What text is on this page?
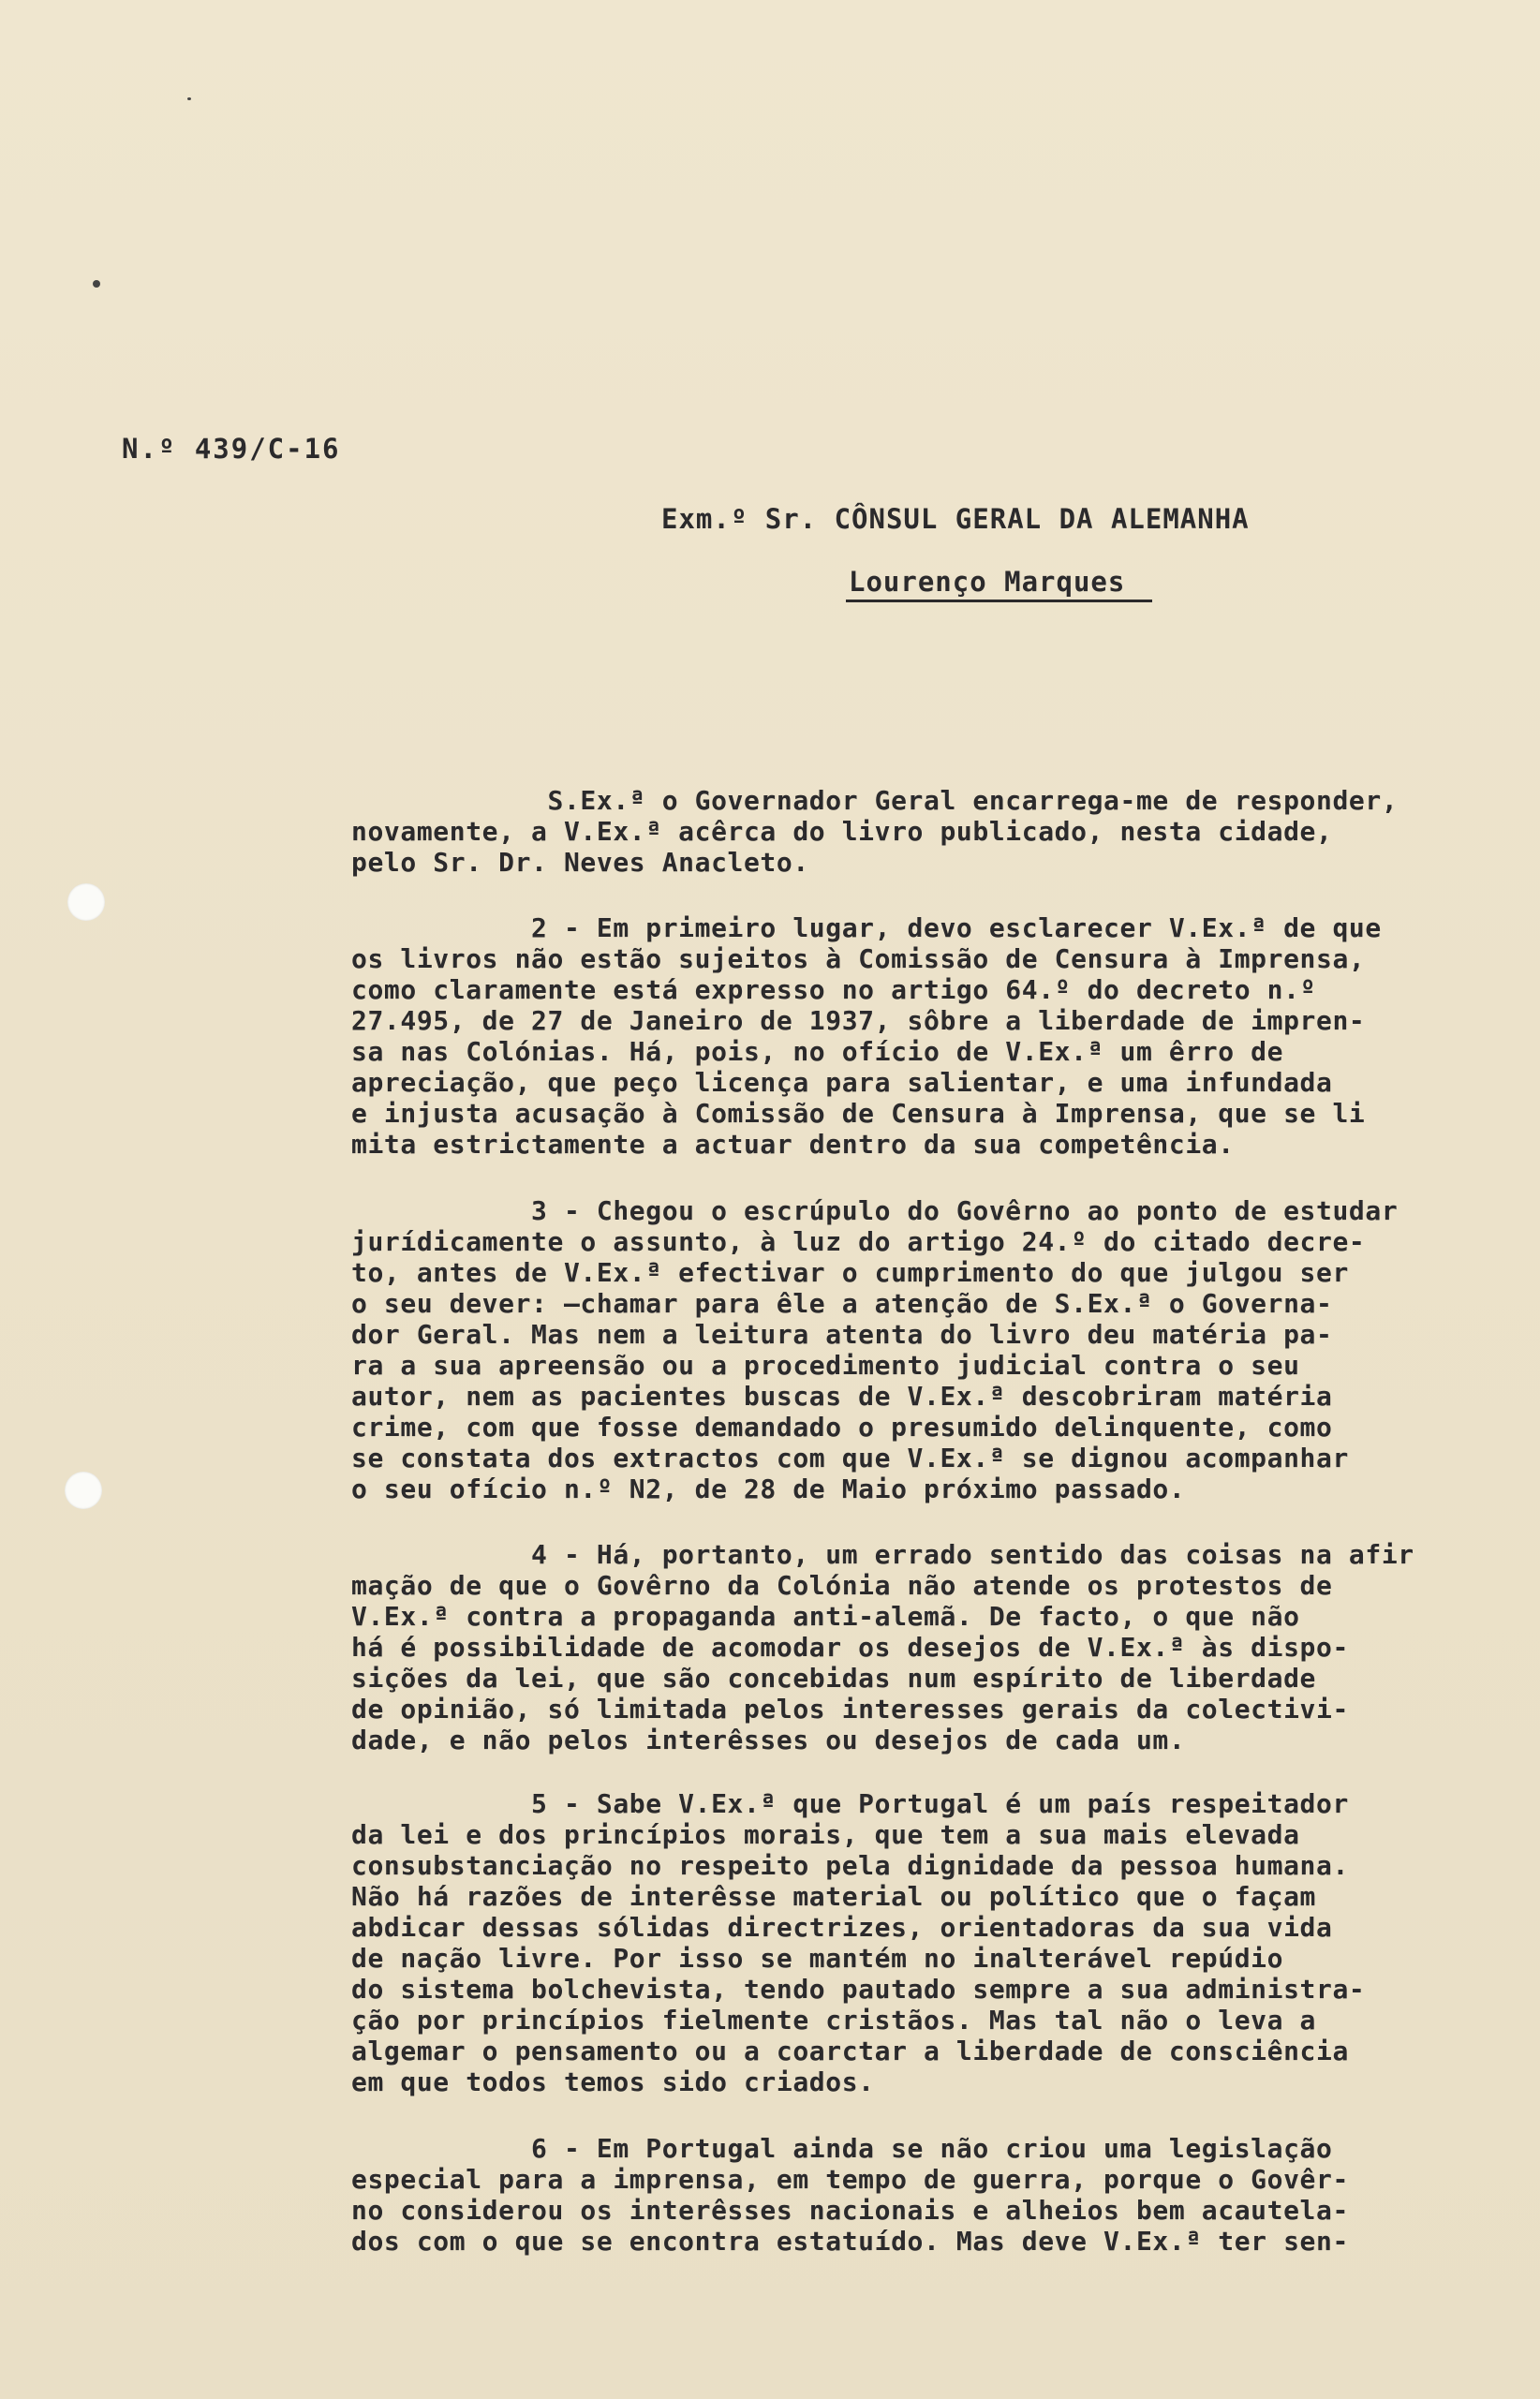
N.º 439/C-16
Exm.º Sr. CÔNSUL GERAL DA ALEMANHA
Lourenço Marques
S.Ex.ª o Governador Geral encarrega-me de responder,
novamente, a V.Ex.ª acêrca do livro publicado, nesta cidade,
pelo Sr. Dr. Neves Anacleto.
2 - Em primeiro lugar, devo esclarecer V.Ex.ª de que
os livros não estão sujeitos à Comissão de Censura à Imprensa,
como claramente está expresso no artigo 64.º do decreto n.º
27.495, de 27 de Janeiro de 1937, sôbre a liberdade de impren-
sa nas Colónias. Há, pois, no ofício de V.Ex.ª um êrro de
apreciação, que peço licença para salientar, e uma infundada
e injusta acusação à Comissão de Censura à Imprensa, que se li
mita estrictamente a actuar dentro da sua competência.
3 - Chegou o escrúpulo do Govêrno ao ponto de estudar
jurídicamente o assunto, à luz do artigo 24.º do citado decre-
to, antes de V.Ex.ª efectivar o cumprimento do que julgou ser
o seu dever: —chamar para êle a atenção de S.Ex.ª o Governa-
dor Geral. Mas nem a leitura atenta do livro deu matéria pa-
ra a sua apreensão ou a procedimento judicial contra o seu
autor, nem as pacientes buscas de V.Ex.ª descobriram matéria
crime, com que fosse demandado o presumido delinquente, como
se constata dos extractos com que V.Ex.ª se dignou acompanhar
o seu ofício n.º N2, de 28 de Maio próximo passado.
4 - Há, portanto, um errado sentido das coisas na afir
mação de que o Govêrno da Colónia não atende os protestos de
V.Ex.ª contra a propaganda anti-alemã. De facto, o que não
há é possibilidade de acomodar os desejos de V.Ex.ª às dispo-
sições da lei, que são concebidas num espírito de liberdade
de opinião, só limitada pelos interesses gerais da colectivi-
dade, e não pelos interêsses ou desejos de cada um.
5 - Sabe V.Ex.ª que Portugal é um país respeitador
da lei e dos princípios morais, que tem a sua mais elevada
consubstanciação no respeito pela dignidade da pessoa humana.
Não há razões de interêsse material ou político que o façam
abdicar dessas sólidas directrizes, orientadoras da sua vida
de nação livre. Por isso se mantém no inalterável repúdio
do sistema bolchevista, tendo pautado sempre a sua administra-
ção por princípios fielmente cristãos. Mas tal não o leva a
algemar o pensamento ou a coarctar a liberdade de consciência
em que todos temos sido criados.
6 - Em Portugal ainda se não criou uma legislação
especial para a imprensa, em tempo de guerra, porque o Govêr-
no considerou os interêsses nacionais e alheios bem acautela-
dos com o que se encontra estatuído. Mas deve V.Ex.ª ter sen-
